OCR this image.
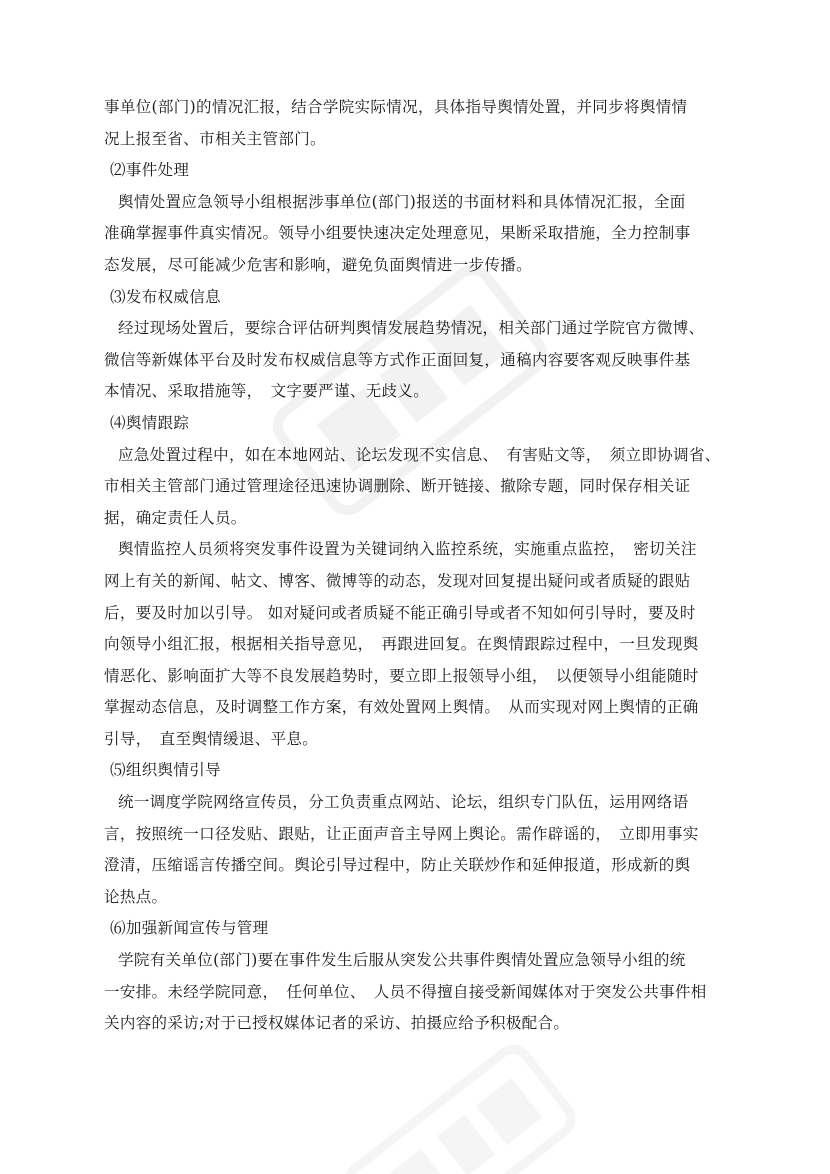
事单位(部门)的情况汇报，结合学院实际情况，具体指导舆情处置，并同步将舆情情

况上报至省、市相关主管部门。

⑵事件处理

舆情处置应急领导小组根据涉事单位(部门)报送的书面材料和具体情况汇报，全面

准确掌握事件真实情况。领导小组要快速决定处理意见，果断采取措施，全力控制事

态发展，尽可能减少危害和影响，避免负面舆情进一步传播。

⑶发布权威信息

经过现场处置后，要综合评估研判舆情发展趋势情况，相关部门通过学院官方微博、

微信等新媒体平台及时发布权威信息等方式作正面回复，通稿内容要客观反映事件基

本情况、采取措施等，　文字要严谨、无歧义。

⑷舆情跟踪

应急处置过程中，如在本地网站、论坛发现不实信息、　有害贴文等，　须立即协调省、

市相关主管部门通过管理途径迅速协调删除、断开链接、撤除专题，同时保存相关证

据，确定责任人员。

舆情监控人员须将突发事件设置为关键词纳入监控系统，实施重点监控，　密切关注

网上有关的新闻、帖文、博客、微博等的动态，发现对回复提出疑问或者质疑的跟贴

后，要及时加以引导。 如对疑问或者质疑不能正确引导或者不知如何引导时，要及时

向领导小组汇报，根据相关指导意见，　再跟进回复。在舆情跟踪过程中，一旦发现舆

情恶化、影响面扩大等不良发展趋势时，要立即上报领导小组，　以便领导小组能随时

掌握动态信息，及时调整工作方案，有效处置网上舆情。　从而实现对网上舆情的正确

引导，　直至舆情缓退、平息。

⑸组织舆情引导

统一调度学院网络宣传员，分工负责重点网站、论坛，组织专门队伍，运用网络语

言，按照统一口径发贴、跟贴，让正面声音主导网上舆论。需作辟谣的，　立即用事实

澄清，压缩谣言传播空间。舆论引导过程中，防止关联炒作和延伸报道，形成新的舆

论热点。

⑹加强新闻宣传与管理

学院有关单位(部门)要在事件发生后服从突发公共事件舆情处置应急领导小组的统

一安排。未经学院同意，　任何单位、　人员不得擅自接受新闻媒体对于突发公共事件相

关内容的采访;对于已授权媒体记者的采访、拍摄应给予积极配合。
